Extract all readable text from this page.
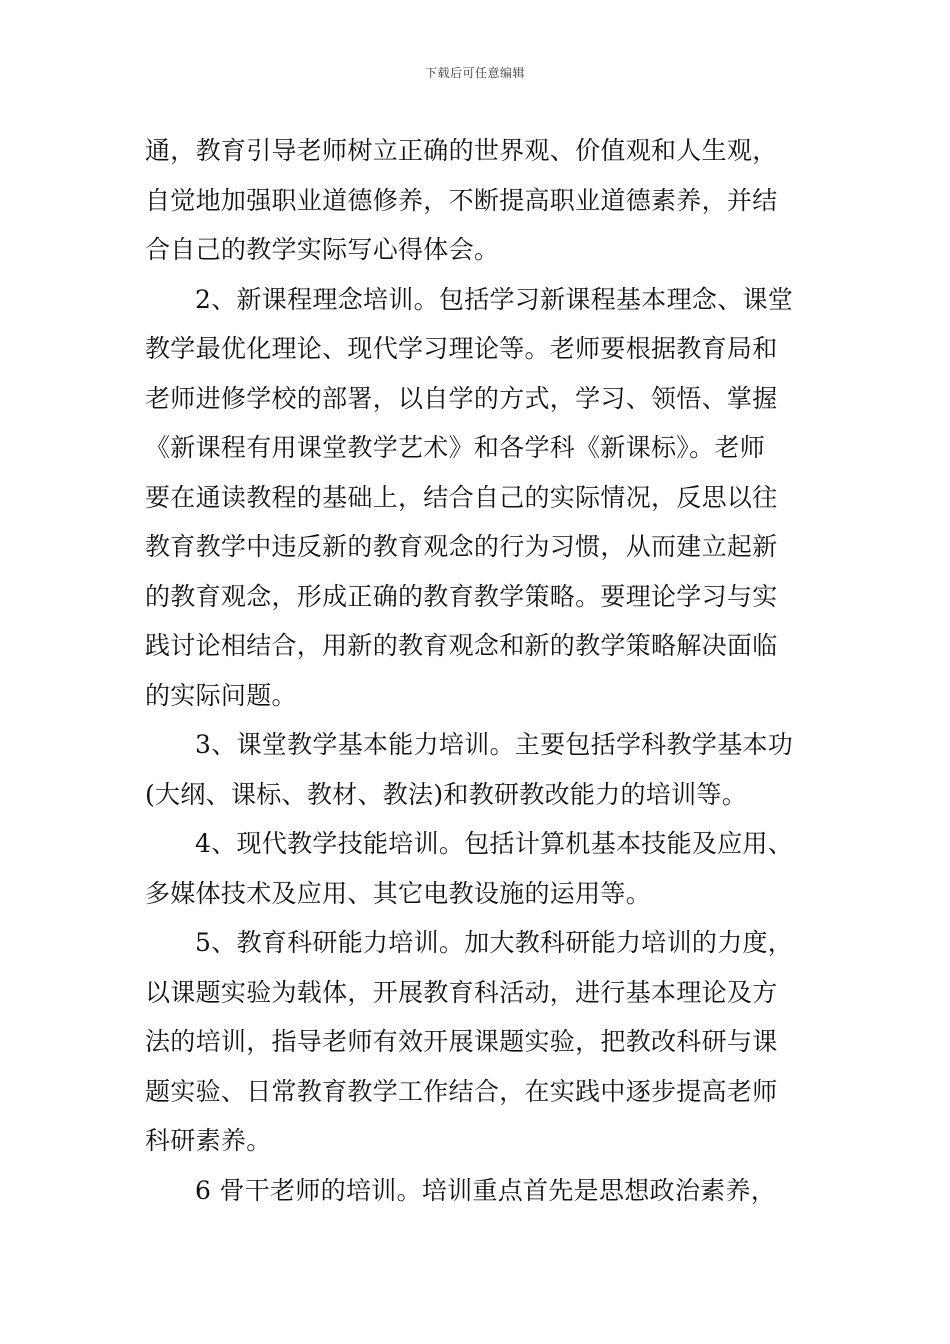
下载后可任意编辑
通，教育引导老师树立正确的世界观、价值观和人生观，
自觉地加强职业道德修养，不断提高职业道德素养，并结
合自己的教学实际写心得体会。
2、新课程理念培训。包括学习新课程基本理念、课堂
教学最优化理论、现代学习理论等。老师要根据教育局和
老师进修学校的部署，以自学的方式，学习、领悟、掌握
《新课程有用课堂教学艺术》和各学科《新课标》。老师
要在通读教程的基础上，结合自己的实际情况，反思以往
教育教学中违反新的教育观念的行为习惯，从而建立起新
的教育观念，形成正确的教育教学策略。要理论学习与实
践讨论相结合，用新的教育观念和新的教学策略解决面临
的实际问题。
3、课堂教学基本能力培训。主要包括学科教学基本功
(大纲、课标、教材、教法)和教研教改能力的培训等。
4、现代教学技能培训。包括计算机基本技能及应用、
多媒体技术及应用、其它电教设施的运用等。
5、教育科研能力培训。加大教科研能力培训的力度，
以课题实验为载体，开展教育科活动，进行基本理论及方
法的培训，指导老师有效开展课题实验，把教改科研与课
题实验、日常教育教学工作结合，在实践中逐步提高老师
科研素养。
6 骨干老师的培训。培训重点首先是思想政治素养，
